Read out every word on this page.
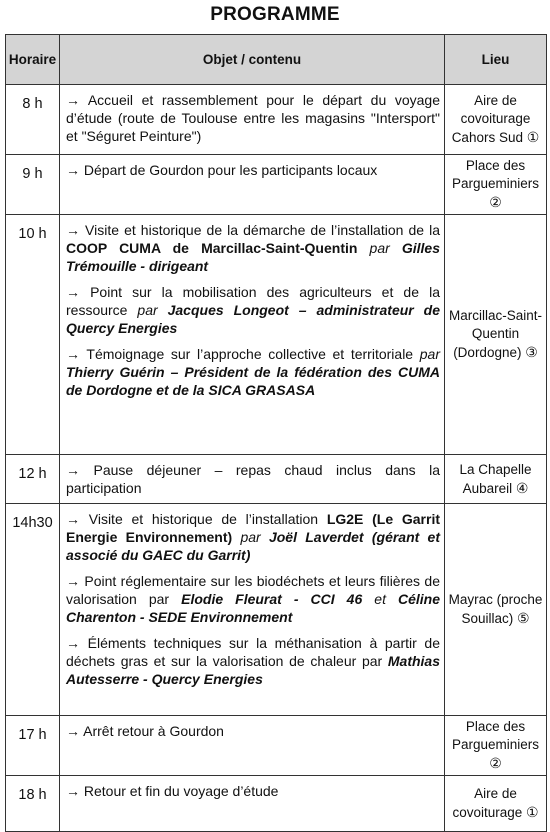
PROGRAMME
Horaire	Objet / contenu	Lieu
8 h	→ Accueil et rassemblement pour le départ du voyage d’étude (route de Toulouse entre les magasins "Intersport" et "Séguret Peinture")	Aire de covoiturage Cahors Sud ①
9 h	→ Départ de Gourdon pour les participants locaux	Place des Pargueminiers ②
10 h	→ Visite et historique de la démarche de l’installation de la COOP CUMA de Marcillac-Saint-Quentin par Gilles Trémouille - dirigeant

→ Point sur la mobilisation des agriculteurs et de la ressource par Jacques Longeot – administrateur de Quercy Energies

→ Témoignage sur l’approche collective et territoriale par Thierry Guérin – Président de la fédération des CUMA de Dordogne et de la SICA GRASASA	Marcillac-Saint-Quentin (Dordogne) ③
12 h	→ Pause déjeuner – repas chaud inclus dans la participation	La Chapelle Aubareil ④
14h30	→ Visite et historique de l’installation LG2E (Le Garrit Energie Environnement) par Joël Laverdet (gérant et associé du GAEC du Garrit)

→ Point réglementaire sur les biodéchets et leurs filières de valorisation par Elodie Fleurat - CCI 46 et Céline Charenton - SEDE Environnement

→ Éléments techniques sur la méthanisation à partir de déchets gras et sur la valorisation de chaleur par Mathias Autesserre - Quercy Energies	Mayrac (proche Souillac) ⑤
17 h	→ Arrêt retour à Gourdon	Place des Pargueminiers ②
18 h	→ Retour et fin du voyage d’étude	Aire de covoiturage ①
